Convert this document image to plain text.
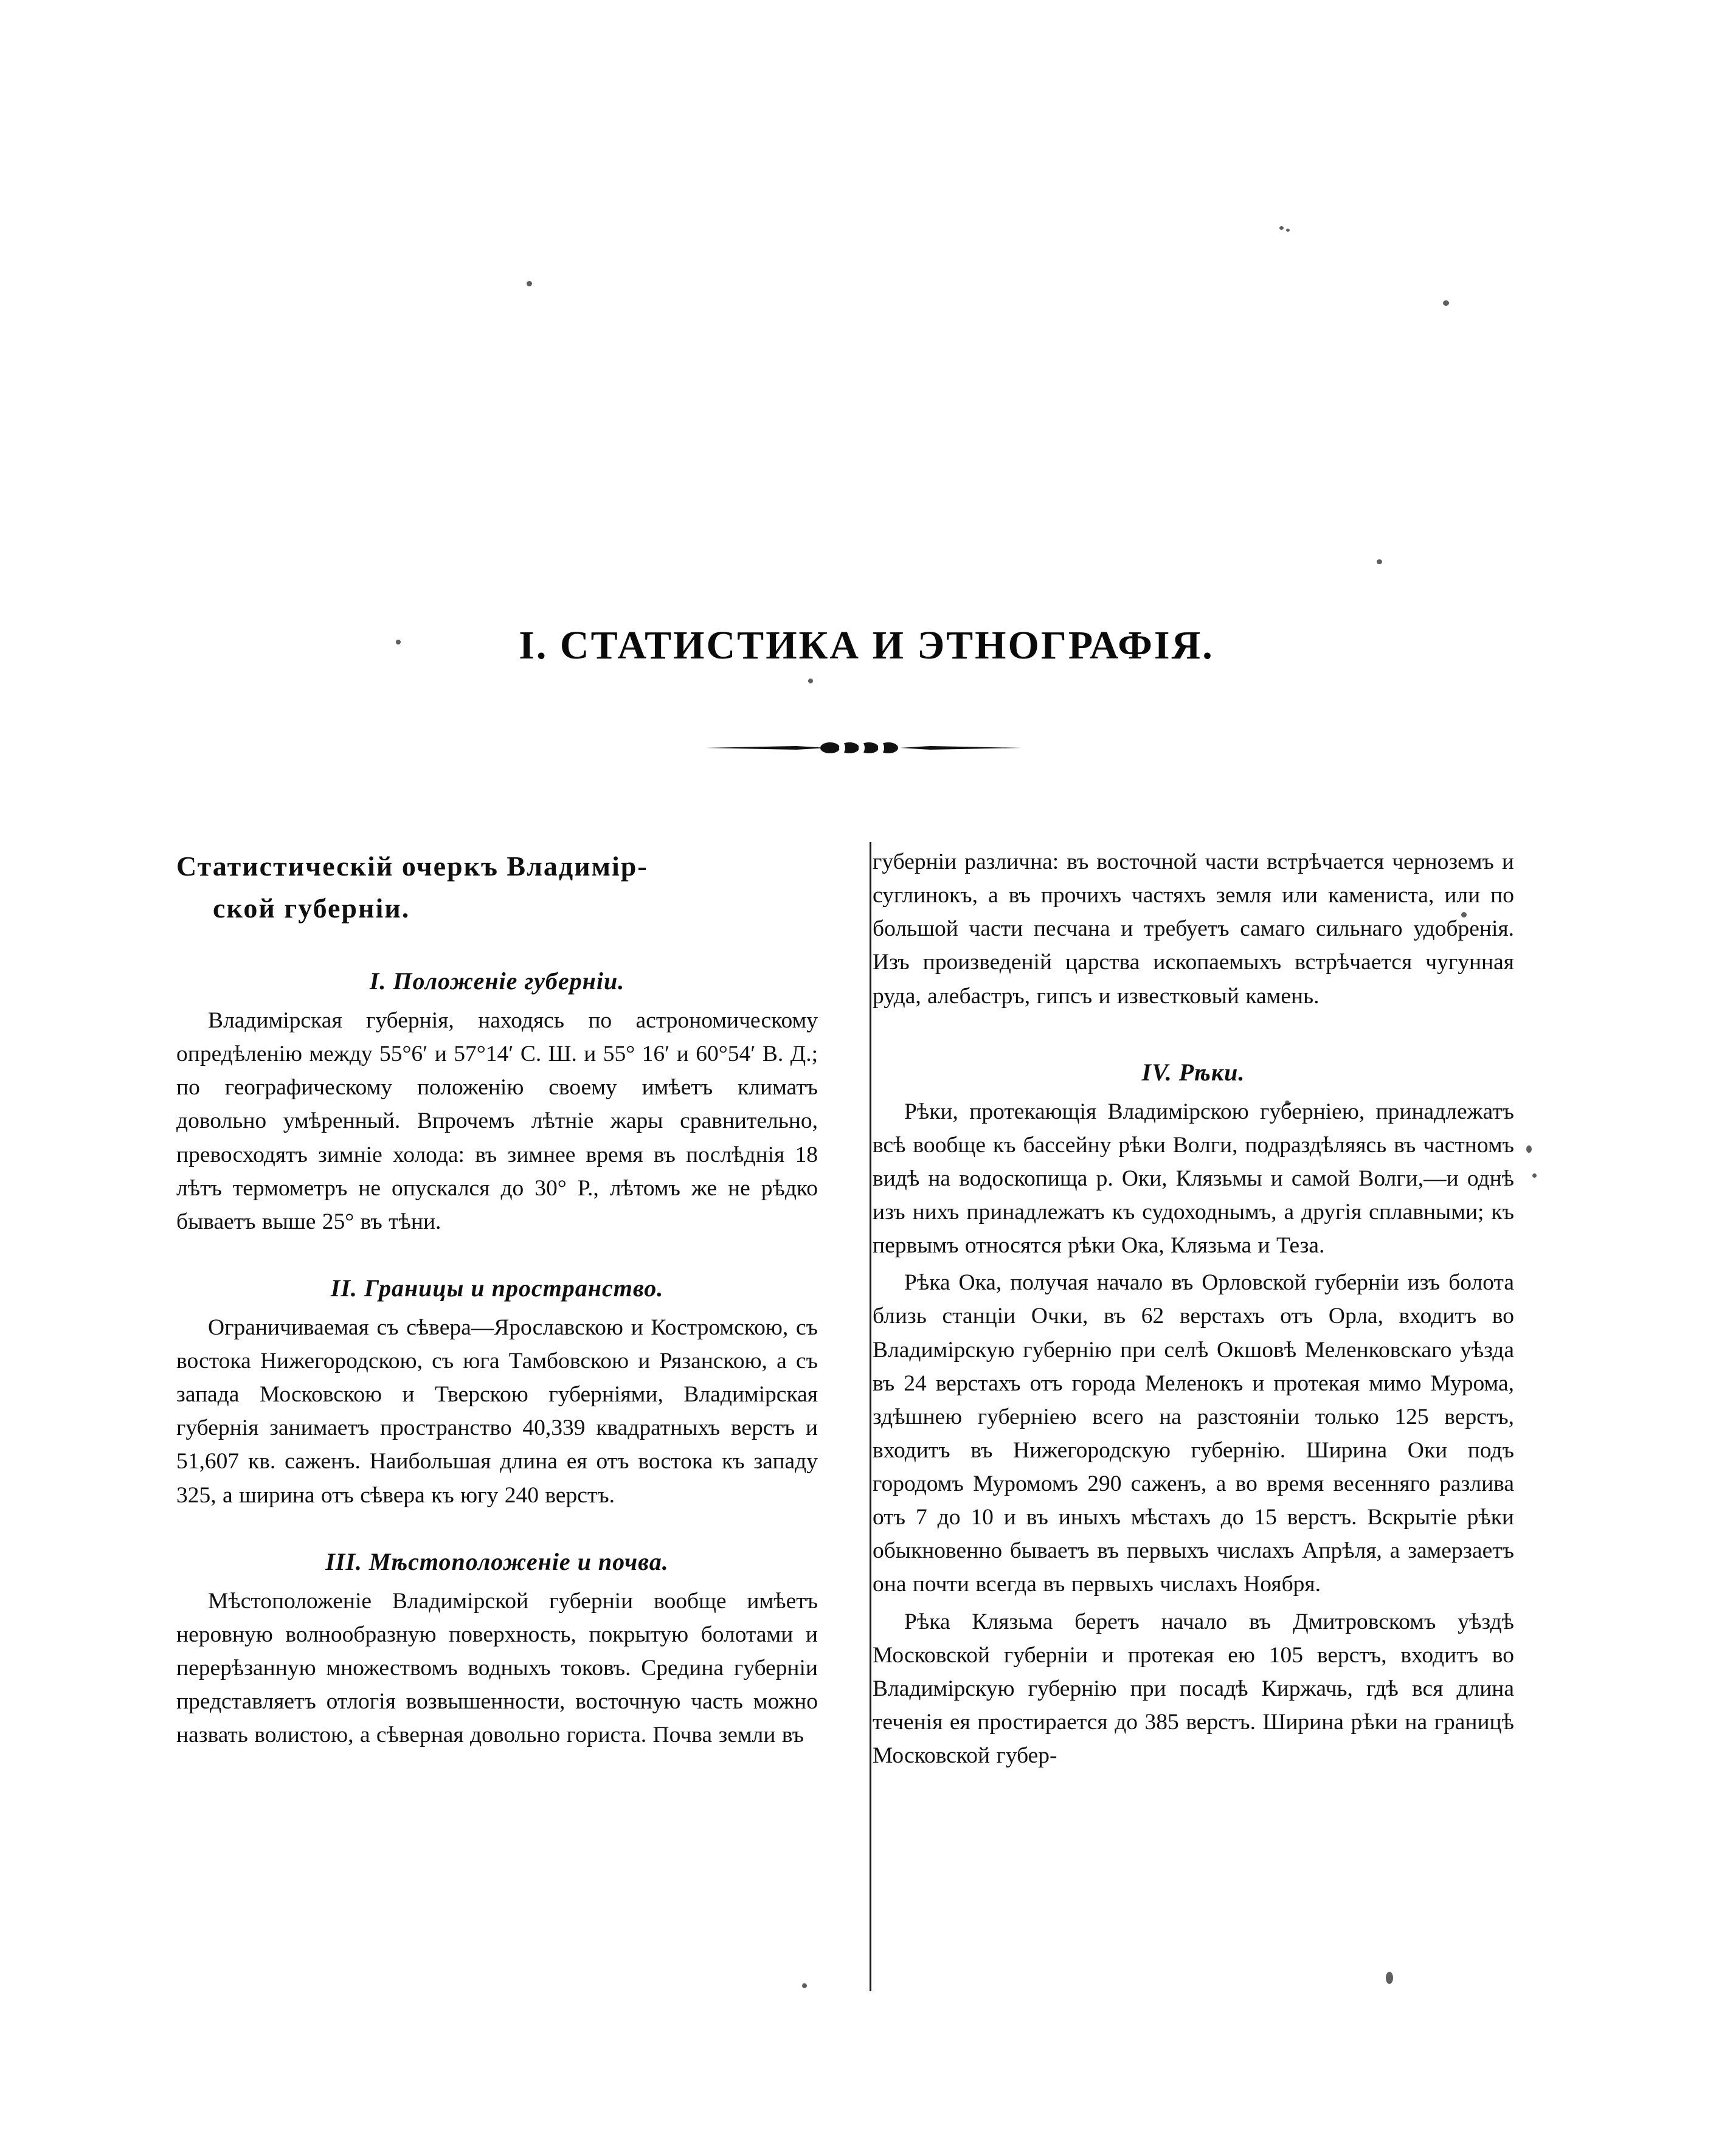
I. СТАТИСТИКА И ЭТНОГРАФІЯ.
Статистическій очеркъ Владимір-
ской губерніи.
I. Положеніе губерніи.

Владимірская губернія, находясь по астрономическому опредѣленію между 55°6′ и 57°14′ С. Ш. и 55° 16′ и 60°54′ В. Д.; по географическому положенію своему имѣетъ климатъ довольно умѣренный. Впрочемъ лѣтніе жары сравнительно, превосходятъ зимніе холода: въ зимнее время въ послѣднія 18 лѣтъ термометръ не опускался до 30° Р., лѣтомъ же не рѣдко бываетъ выше 25° въ тѣни.

II. Границы и пространство.

Ограничиваемая съ сѣвера—Ярославскою и Костромскою, съ востока Нижегородскою, съ юга Тамбовскою и Рязанскою, а съ запада Московскою и Тверскою губерніями, Владимірская губернія занимаетъ пространство 40,339 квадратныхъ верстъ и 51,607 кв. саженъ. Наибольшая длина ея отъ востока къ западу 325, а ширина отъ сѣвера къ югу 240 верстъ.

III. Мѣстоположеніе и почва.

Мѣстоположеніе Владимірской губерніи вообще имѣетъ неровную волнообразную поверхность, покрытую болотами и перерѣзанную множествомъ водныхъ токовъ. Средина губерніи представляетъ отлогія возвышенности, восточную часть можно назвать волистою, а сѣверная довольно гориста. Почва земли въ

губерніи различна: въ восточной части встрѣчается черноземъ и суглинокъ, а въ прочихъ частяхъ земля или камениста, или по большой части песчана и требуетъ самаго сильнаго удобренія. Изъ произведеній царства ископаемыхъ встрѣчается чугунная руда, алебастръ, гипсъ и известковый камень.

IV. Рѣки.

Рѣки, протекающія Владимірскою губерніею, принадлежатъ всѣ вообще къ бассейну рѣки Волги, подраздѣляясь въ частномъ видѣ на водоскопища р. Оки, Клязьмы и самой Волги,—и однѣ изъ нихъ принадлежатъ къ судоходнымъ, а другія сплавными; къ первымъ относятся рѣки Ока, Клязьма и Теза.

Рѣка Ока, получая начало въ Орловской губерніи изъ болота близь станціи Очки, въ 62 верстахъ отъ Орла, входитъ во Владимірскую губернію при селѣ Окшовѣ Меленковскаго уѣзда въ 24 верстахъ отъ города Меленокъ и протекая мимо Мурома, здѣшнею губерніею всего на разстояніи только 125 верстъ, входитъ въ Нижегородскую губернію. Ширина Оки подъ городомъ Муромомъ 290 саженъ, а во время весенняго разлива отъ 7 до 10 и въ иныхъ мѣстахъ до 15 верстъ. Вскрытіе рѣки обыкновенно бываетъ въ первыхъ числахъ Апрѣля, а замерзаетъ она почти всегда въ первыхъ числахъ Ноября.

Рѣка Клязьма беретъ начало въ Дмитровскомъ уѣздѣ Московской губерніи и протекая ею 105 верстъ, входитъ во Владимірскую губернію при посадѣ Киржачь, гдѣ вся длина теченія ея простирается до 385 верстъ. Ширина рѣки на границѣ Московской губер-
